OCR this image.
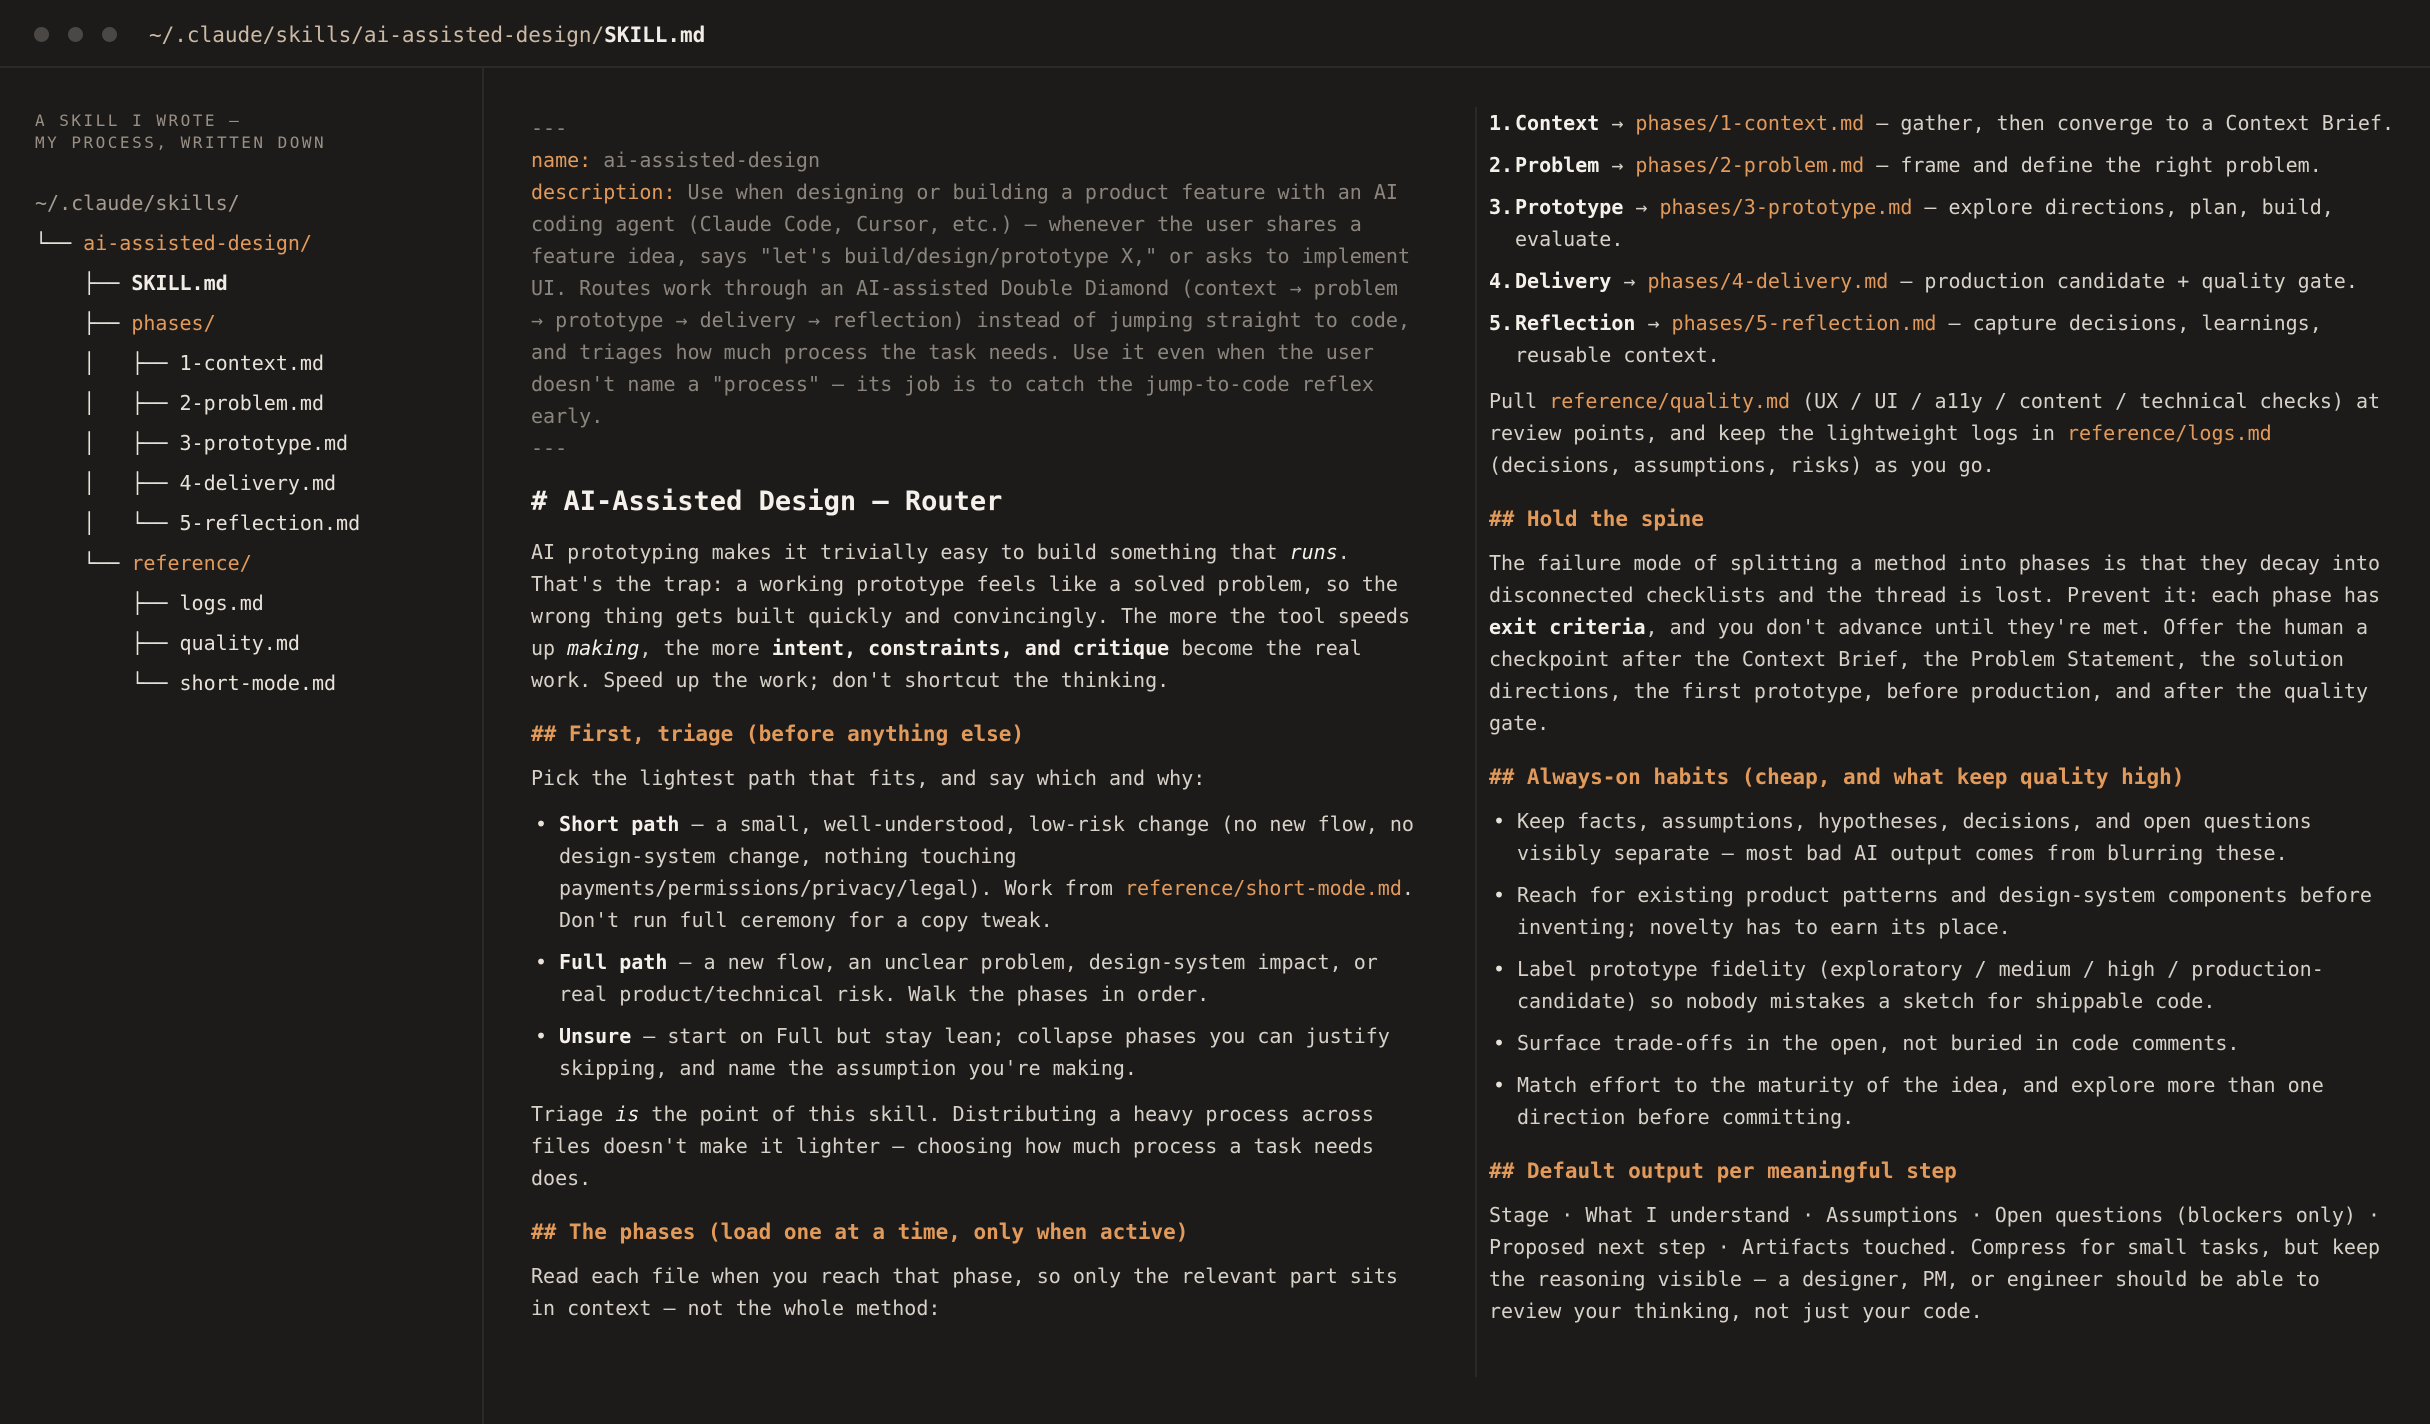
~/.claude/skills/ai-assisted-design/SKILL.md
A SKILL I WROTE —
MY PROCESS, WRITTEN DOWN
~/.claude/skills/
└── ai-assisted-design/
├── SKILL.md
├── phases/
│   ├── 1-context.md
│   ├── 2-problem.md
│   ├── 3-prototype.md
│   ├── 4-delivery.md
│   └── 5-reflection.md
└── reference/
├── logs.md
├── quality.md
└── short-mode.md
---
name: ai-assisted-design
description: Use when designing or building a product feature with an AI
coding agent (Claude Code, Cursor, etc.) — whenever the user shares a
feature idea, says "let's build/design/prototype X," or asks to implement
UI. Routes work through an AI-assisted Double Diamond (context → problem
→ prototype → delivery → reflection) instead of jumping straight to code,
and triages how much process the task needs. Use it even when the user
doesn't name a "process" — its job is to catch the jump-to-code reflex
early.
---
# AI-Assisted Design — Router

AI prototyping makes it trivially easy to build something that runs. That's the trap: a working prototype feels like a solved problem, so the wrong thing gets built quickly and convincingly. The more the tool speeds up making, the more intent, constraints, and critique become the real work. Speed up the work; don't shortcut the thinking.

## First, triage (before anything else)

Pick the lightest path that fits, and say which and why:

• Short path — a small, well-understood, low-risk change (no new flow, no design-system change, nothing touching payments/permissions/privacy/legal). Work from reference/short-mode.md. Don't run full ceremony for a copy tweak.
• Full path — a new flow, an unclear problem, design-system impact, or real product/technical risk. Walk the phases in order.
• Unsure — start on Full but stay lean; collapse phases you can justify skipping, and name the assumption you're making.

Triage is the point of this skill. Distributing a heavy process across files doesn't make it lighter — choosing how much process a task needs does.

## The phases (load one at a time, only when active)

Read each file when you reach that phase, so only the relevant part sits in context — not the whole method:

1. Context → phases/1-context.md — gather, then converge to a Context Brief.
2. Problem → phases/2-problem.md — frame and define the right problem.
3. Prototype → phases/3-prototype.md — explore directions, plan, build, evaluate.
4. Delivery → phases/4-delivery.md — production candidate + quality gate.
5. Reflection → phases/5-reflection.md — capture decisions, learnings, reusable context.

Pull reference/quality.md (UX / UI / a11y / content / technical checks) at review points, and keep the lightweight logs in reference/logs.md (decisions, assumptions, risks) as you go.

## Hold the spine

The failure mode of splitting a method into phases is that they decay into disconnected checklists and the thread is lost. Prevent it: each phase has exit criteria, and you don't advance until they're met. Offer the human a checkpoint after the Context Brief, the Problem Statement, the solution directions, the first prototype, before production, and after the quality gate.

## Always-on habits (cheap, and what keep quality high)
• Keep facts, assumptions, hypotheses, decisions, and open questions visibly separate — most bad AI output comes from blurring these.
• Reach for existing product patterns and design-system components before inventing; novelty has to earn its place.
• Label prototype fidelity (exploratory / medium / high / production-candidate) so nobody mistakes a sketch for shippable code.
• Surface trade-offs in the open, not buried in code comments.
• Match effort to the maturity of the idea, and explore more than one direction before committing.
## Default output per meaningful step

Stage · What I understand · Assumptions · Open questions (blockers only) · Proposed next step · Artifacts touched. Compress for small tasks, but keep the reasoning visible — a designer, PM, or engineer should be able to review your thinking, not just your code.
